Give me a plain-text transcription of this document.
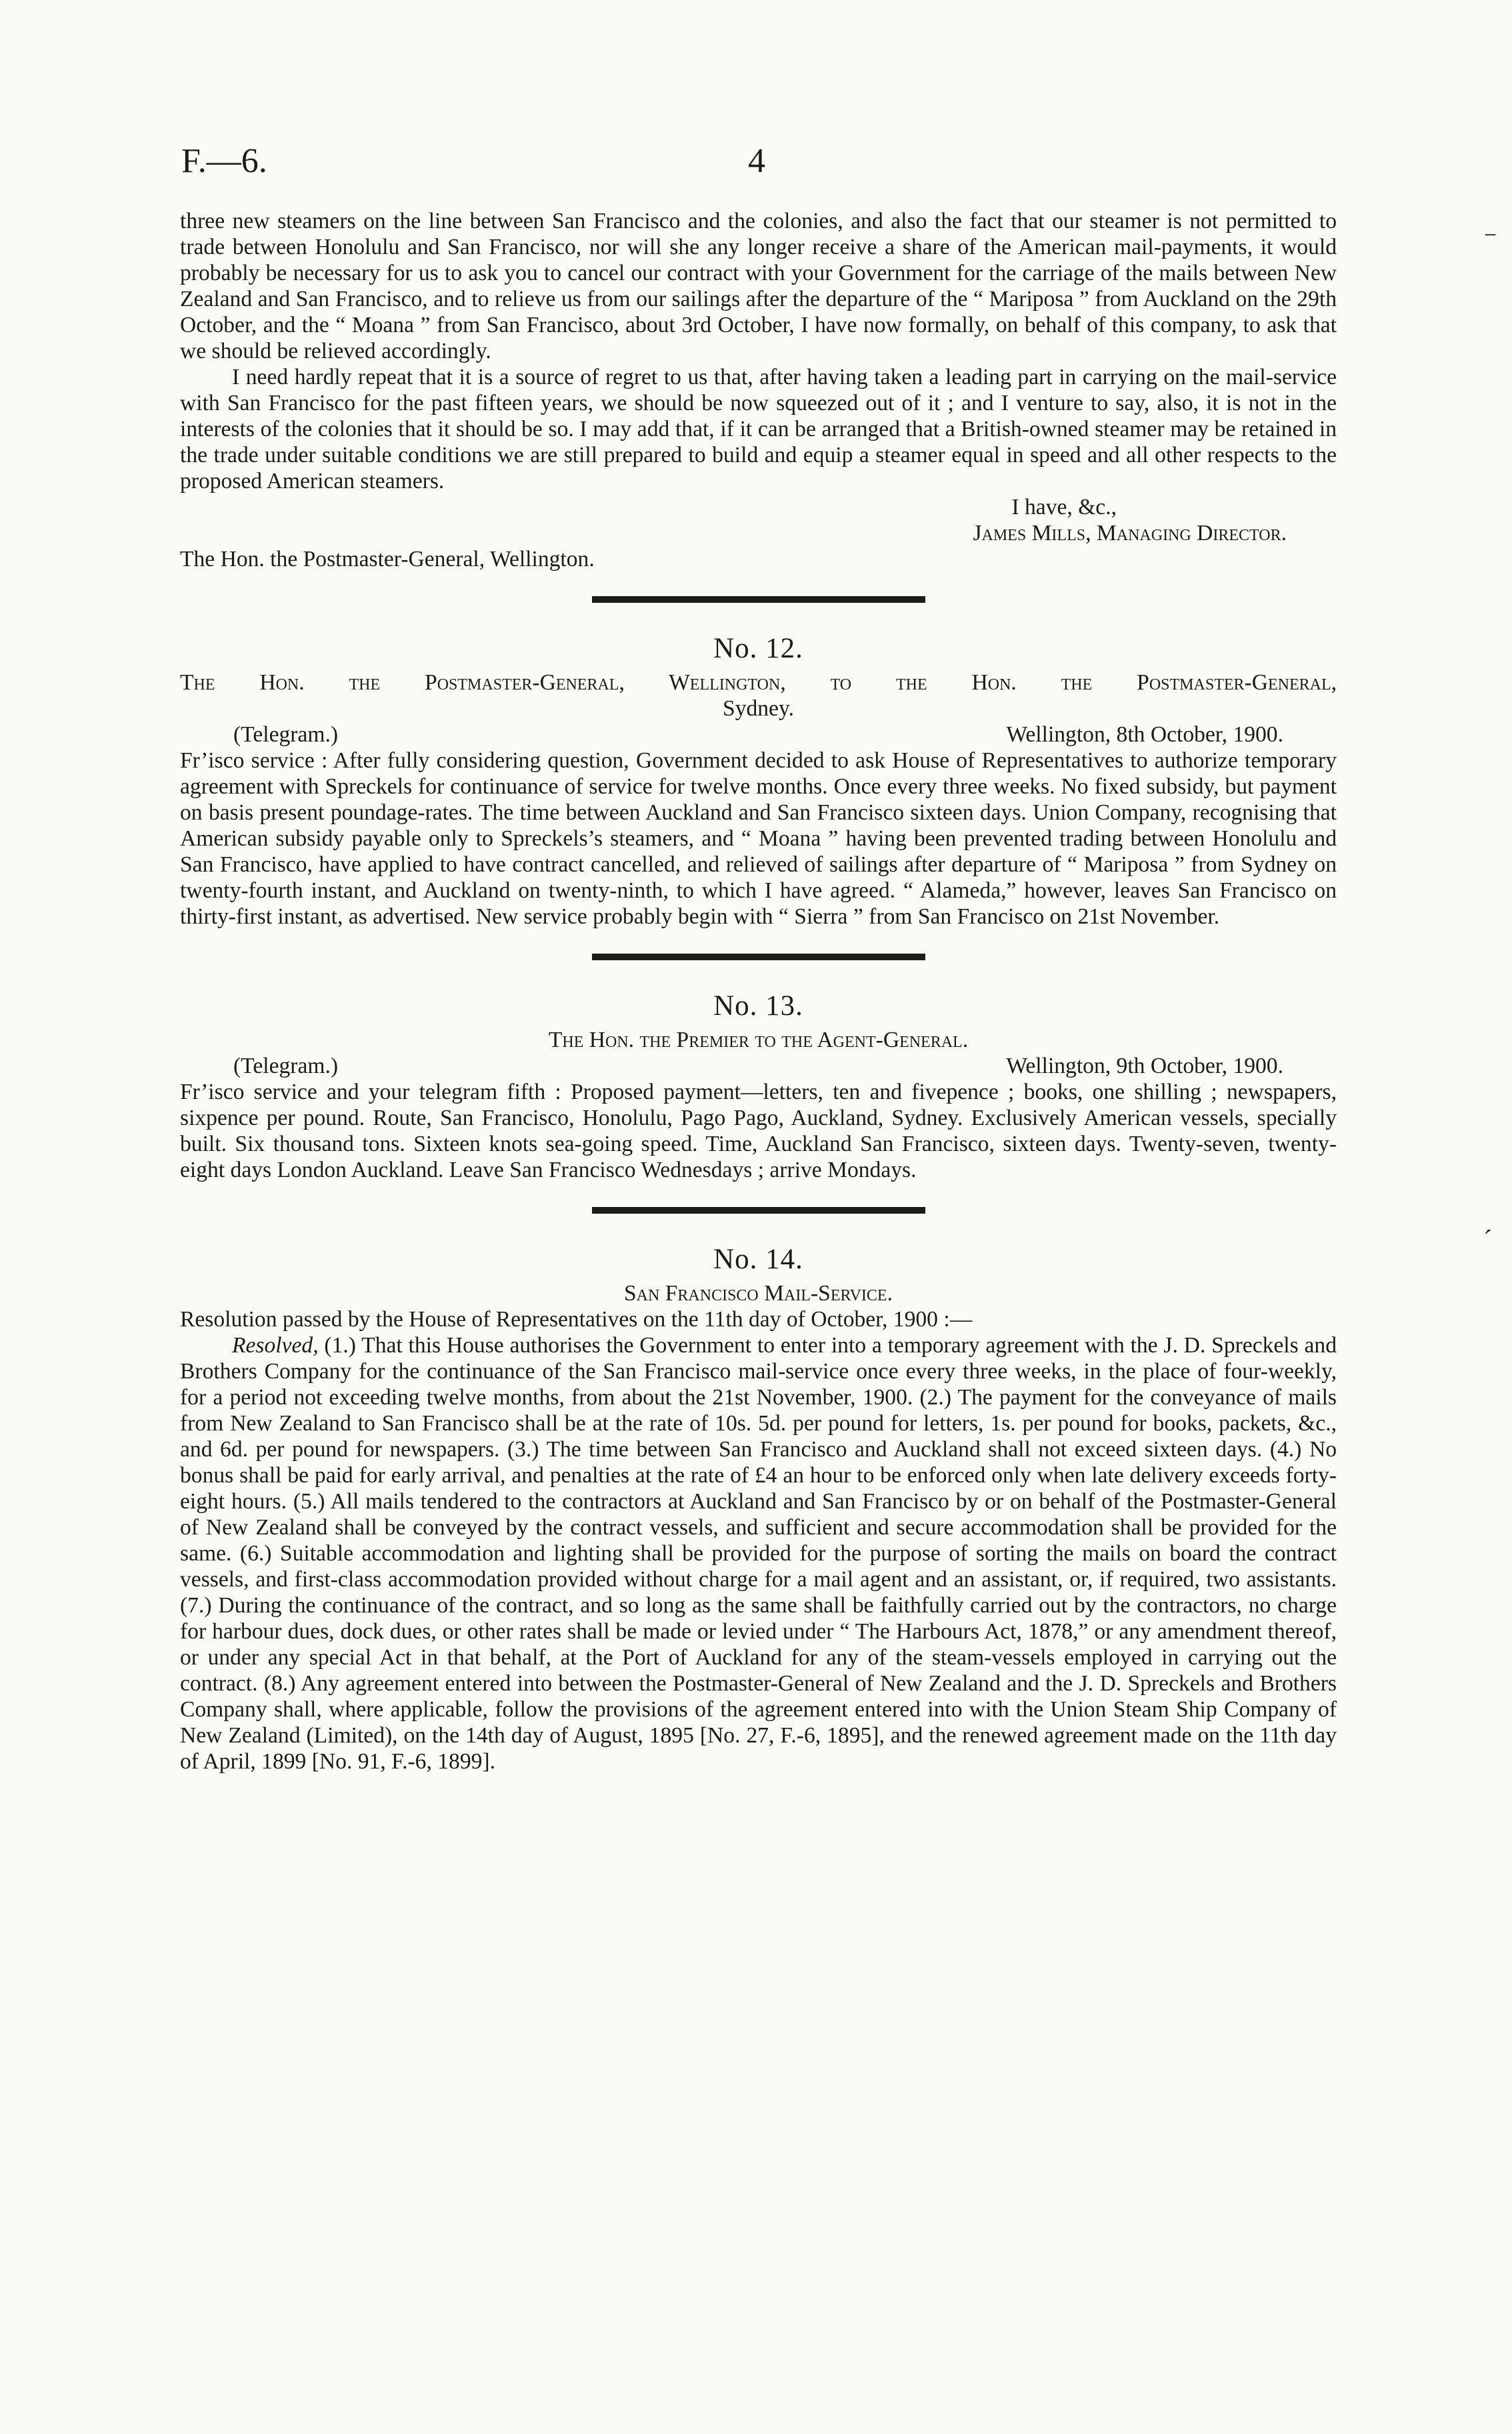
F.—6.	4

three new steamers on the line between San Francisco and the colonies, and also the fact that our steamer is not permitted to trade between Honolulu and San Francisco, nor will she any longer receive a share of the American mail-payments, it would probably be necessary for us to ask you to cancel our contract with your Government for the carriage of the mails between New Zealand and San Francisco, and to relieve us from our sailings after the departure of the “ Mariposa ” from Auckland on the 29th October, and the “ Moana ” from San Francisco, about 3rd October, I have now formally, on behalf of this company, to ask that we should be relieved accordingly.

I need hardly repeat that it is a source of regret to us that, after having taken a leading part in carrying on the mail-service with San Francisco for the past fifteen years, we should be now squeezed out of it ; and I venture to say, also, it is not in the interests of the colonies that it should be so. I may add that, if it can be arranged that a British-owned steamer may be retained in the trade under suitable conditions we are still prepared to build and equip a steamer equal in speed and all other respects to the proposed American steamers.

I have, &c.,

James Mills, Managing Director.

The Hon. the Postmaster-General, Wellington.

No. 12.

The Hon. the Postmaster-General, Wellington, to the Hon. the Postmaster-General,

Sydney.

(Telegram.)	Wellington, 8th October, 1900.

Fr’isco service : After fully considering question, Government decided to ask House of Representatives to authorize temporary agreement with Spreckels for continuance of service for twelve months. Once every three weeks. No fixed subsidy, but payment on basis present poundage-rates. The time between Auckland and San Francisco sixteen days. Union Company, recognising that American subsidy payable only to Spreckels’s steamers, and “ Moana ” having been prevented trading between Honolulu and San Francisco, have applied to have contract cancelled, and relieved of sailings after departure of “ Mariposa ” from Sydney on twenty-fourth instant, and Auckland on twenty-ninth, to which I have agreed. “ Alameda,” however, leaves San Francisco on thirty-first instant, as advertised. New service probably begin with “ Sierra ” from San Francisco on 21st November.

No. 13.

The Hon. the Premier to the Agent-General.

(Telegram.)	Wellington, 9th October, 1900.

Fr’isco service and your telegram fifth : Proposed payment—letters, ten and fivepence ; books, one shilling ; newspapers, sixpence per pound. Route, San Francisco, Honolulu, Pago Pago, Auckland, Sydney. Exclusively American vessels, specially built. Six thousand tons. Sixteen knots sea-going speed. Time, Auckland San Francisco, sixteen days. Twenty-seven, twenty-eight days London Auckland. Leave San Francisco Wednesdays ; arrive Mondays.

No. 14.

San Francisco Mail-Service.

Resolution passed by the House of Representatives on the 11th day of October, 1900 :—

Resolved, (1.) That this House authorises the Government to enter into a temporary agreement with the J. D. Spreckels and Brothers Company for the continuance of the San Francisco mail-service once every three weeks, in the place of four-weekly, for a period not exceeding twelve months, from about the 21st November, 1900. (2.) The payment for the conveyance of mails from New Zealand to San Francisco shall be at the rate of 10s. 5d. per pound for letters, 1s. per pound for books, packets, &c., and 6d. per pound for newspapers. (3.) The time between San Francisco and Auckland shall not exceed sixteen days. (4.) No bonus shall be paid for early arrival, and penalties at the rate of £4 an hour to be enforced only when late delivery exceeds forty-eight hours. (5.) All mails tendered to the contractors at Auckland and San Francisco by or on behalf of the Postmaster-General of New Zealand shall be conveyed by the contract vessels, and sufficient and secure accommodation shall be provided for the same. (6.) Suitable accommodation and lighting shall be provided for the purpose of sorting the mails on board the contract vessels, and first-class accommodation provided without charge for a mail agent and an assistant, or, if required, two assistants. (7.) During the continuance of the contract, and so long as the same shall be faithfully carried out by the contractors, no charge for harbour dues, dock dues, or other rates shall be made or levied under “ The Harbours Act, 1878,” or any amendment thereof, or under any special Act in that behalf, at the Port of Auckland for any of the steam-vessels employed in carrying out the contract. (8.) Any agreement entered into between the Postmaster-General of New Zealand and the J. D. Spreckels and Brothers Company shall, where applicable, follow the provisions of the agreement entered into with the Union Steam Ship Company of New Zealand (Limited), on the 14th day of August, 1895 [No. 27, F.-6, 1895], and the renewed agreement made on the 11th day of April, 1899 [No. 91, F.-6, 1899].

⁻
ˊ
